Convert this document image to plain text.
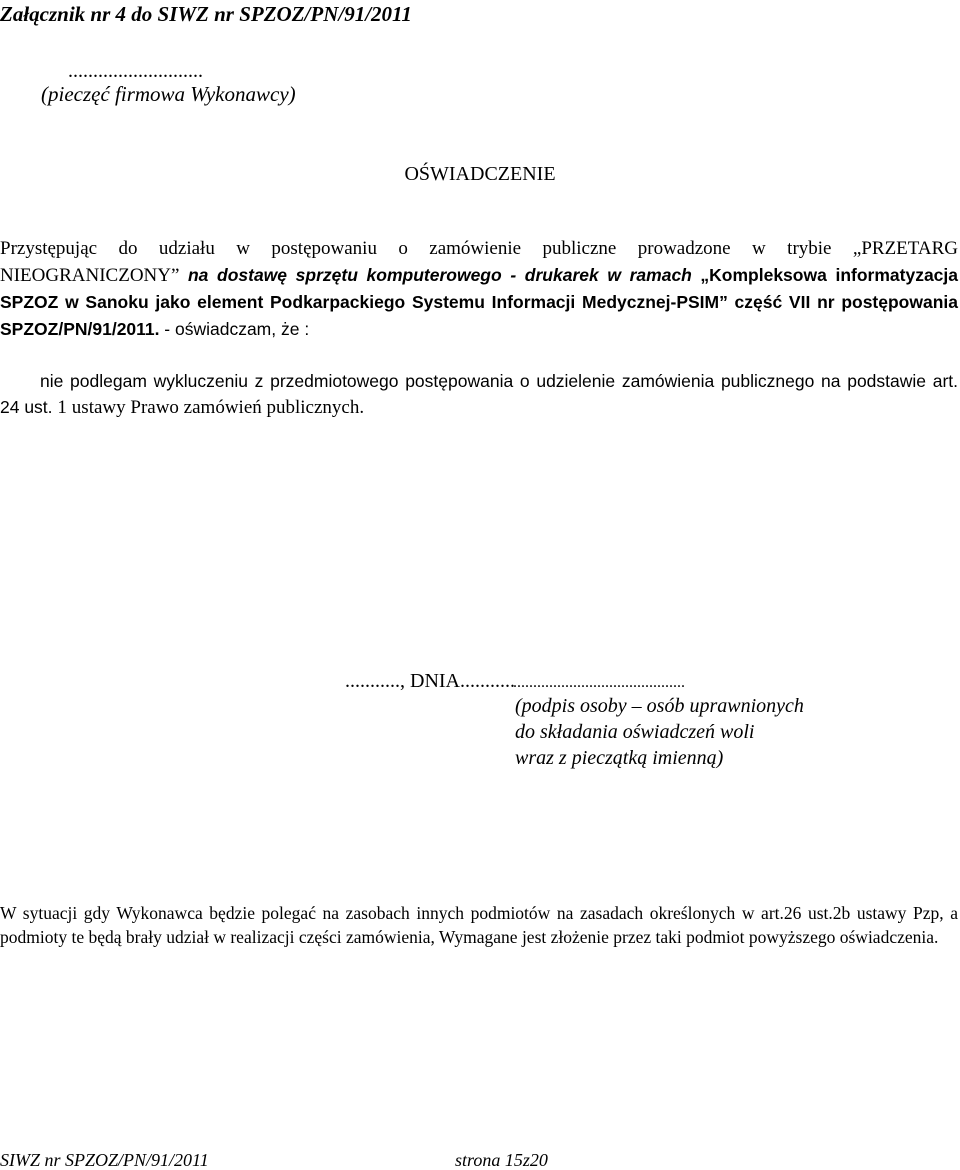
Załącznik nr 4 do SIWZ nr SPZOZ/PN/91/2011
...........................
(pieczęć firmowa Wykonawcy)
OŚWIADCZENIE
Przystępując do udziału w postępowaniu o zamówienie publiczne prowadzone w trybie „PRZETARG NIEOGRANICZONY” na dostawę sprzętu komputerowego - drukarek w ramach „Kompleksowa informatyzacja SPZOZ w Sanoku jako element Podkarpackiego Systemu Informacji Medycznej-PSIM” część VII nr postępowania SPZOZ/PN/91/2011. - oświadczam, że :
nie podlegam wykluczeniu z przedmiotowego postępowania o udzielenie zamówienia publicznego na podstawie art. 24 ust. 1 ustawy Prawo zamówień publicznych.
..........., DNIA...........
...........................................
(podpis osoby – osób uprawnionych
do składania oświadczeń woli
wraz z pieczątką imienną)
W sytuacji gdy Wykonawca będzie polegać na zasobach innych podmiotów na zasadach określonych w art.26 ust.2b ustawy Pzp, a podmioty te będą brały udział w realizacji części zamówienia, Wymagane jest złożenie przez taki podmiot powyższego oświadczenia.
SIWZ nr SPZOZ/PN/91/2011	strona 15z20
